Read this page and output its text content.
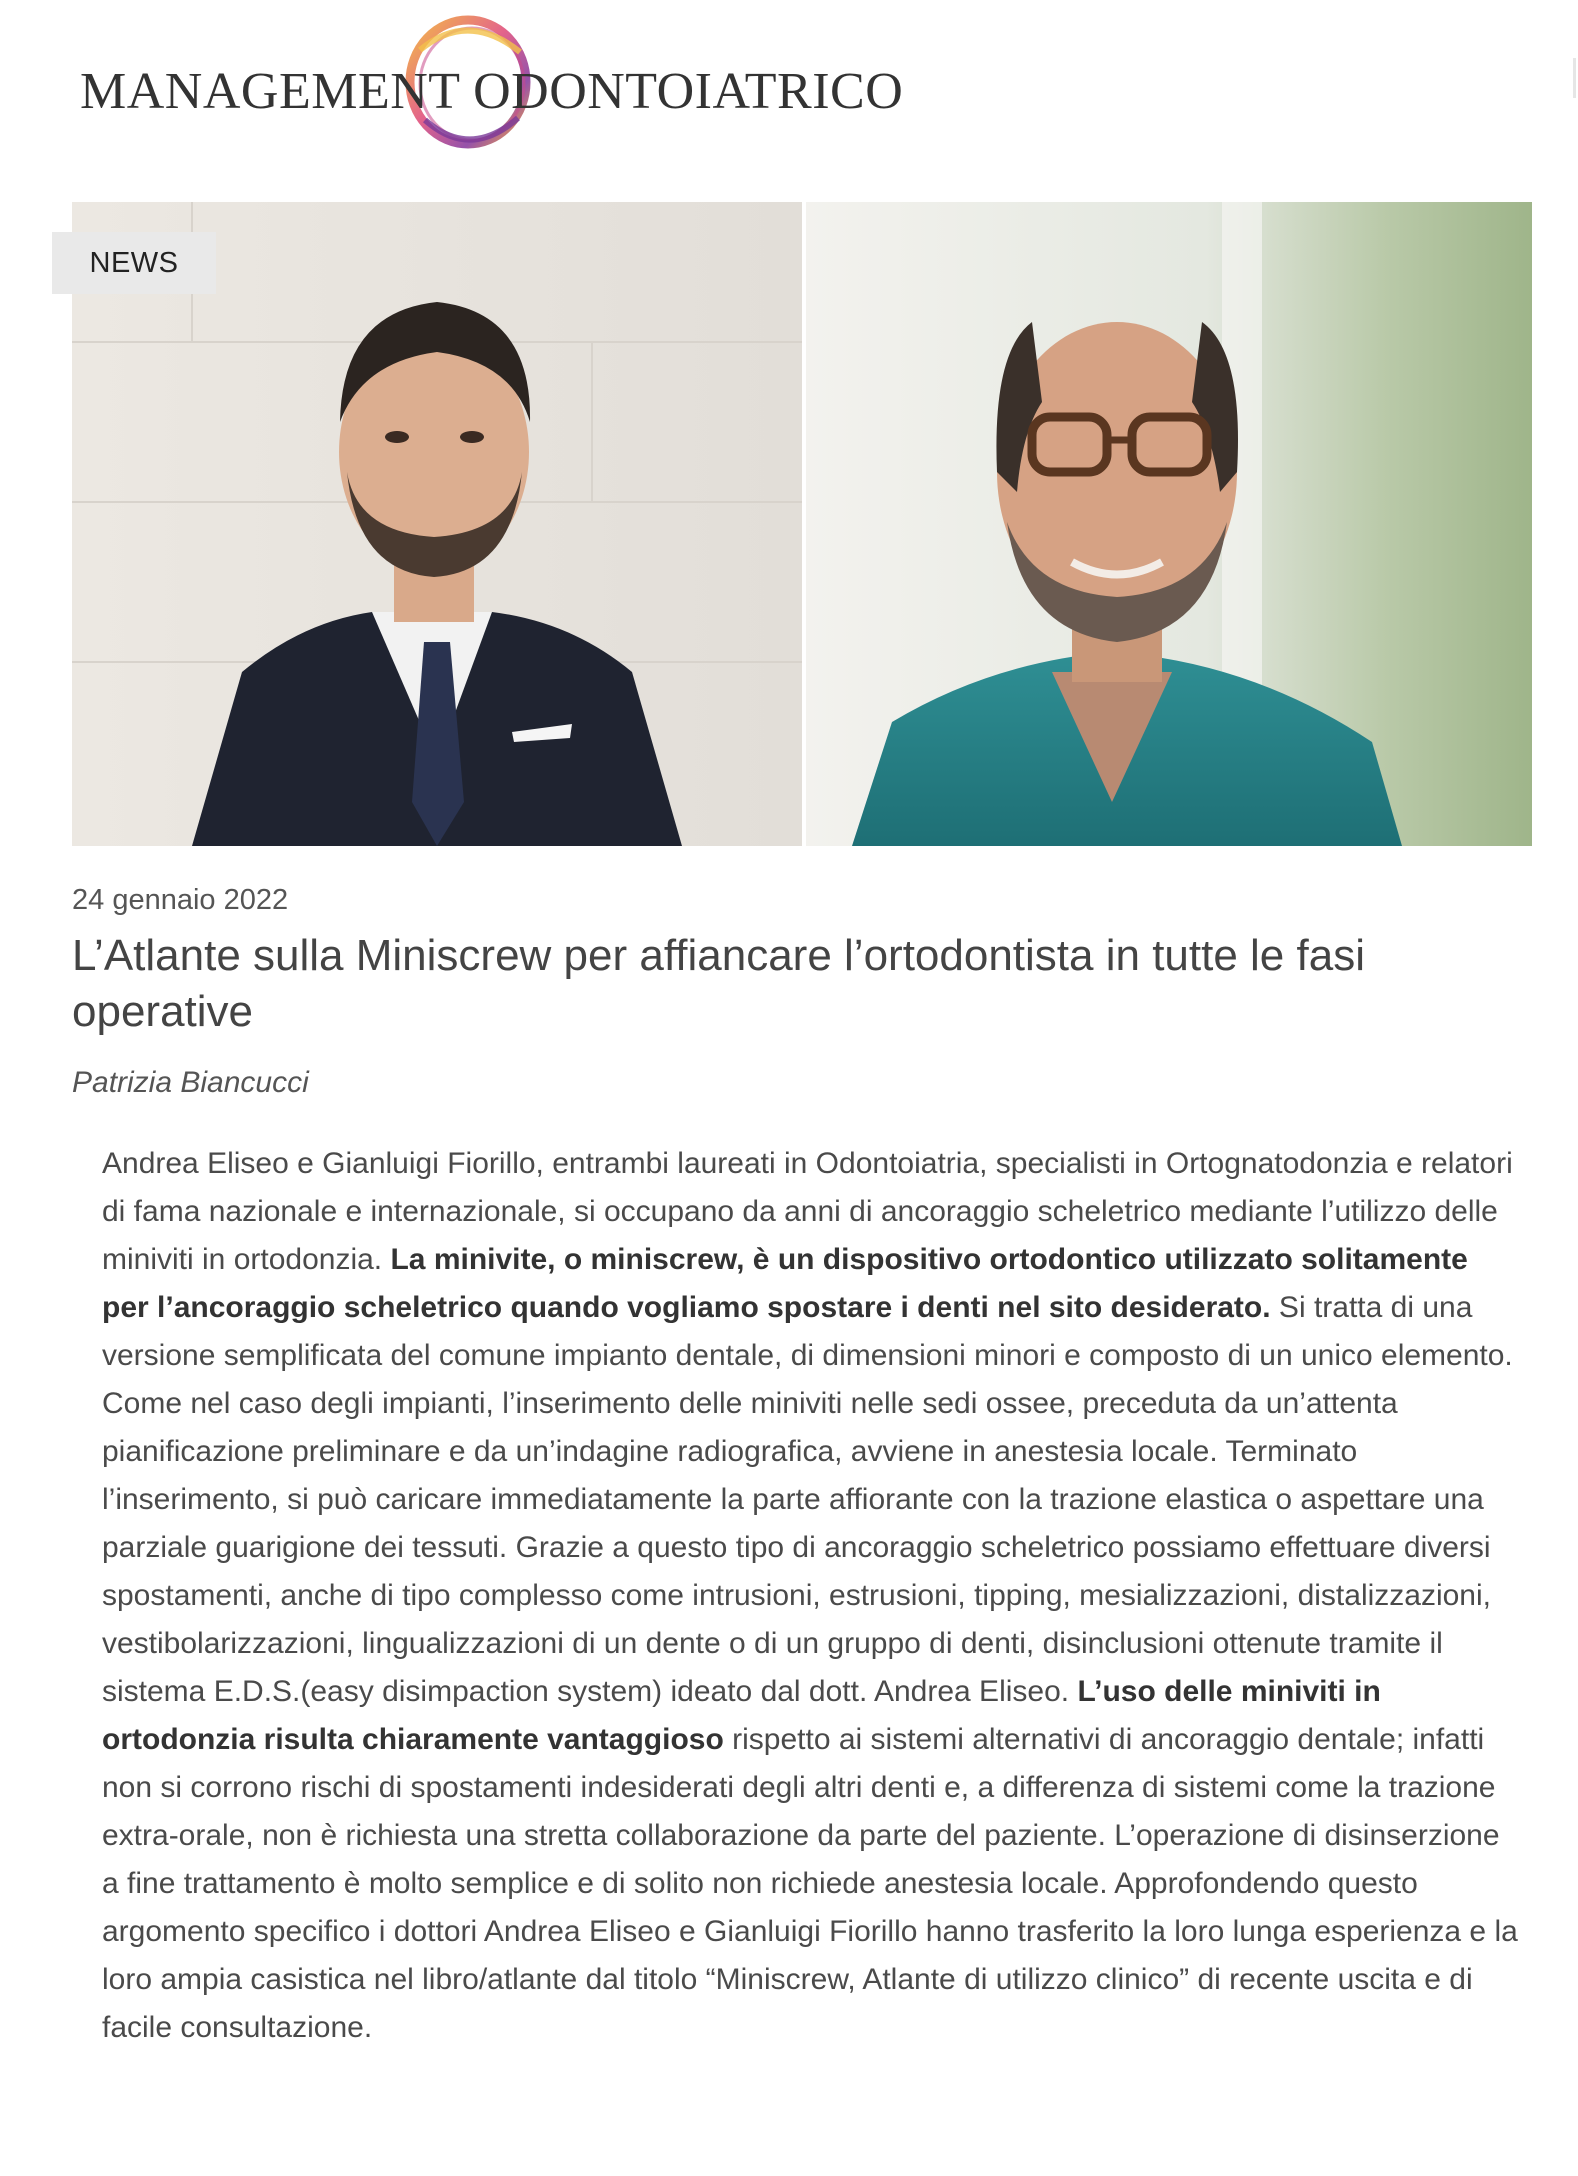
MANAGEMENT ODONTOIATRICO
NEWS
24 gennaio 2022
L’Atlante sulla Miniscrew per affiancare l’ortodontista in tutte le fasi operative
Patrizia Biancucci

Andrea Eliseo e Gianluigi Fiorillo, entrambi laureati in Odontoiatria, specialisti in Ortognatodonzia e relatori di fama nazionale e internazionale, si occupano da anni di ancoraggio scheletrico mediante l’utilizzo delle miniviti in ortodonzia. La minivite, o miniscrew, è un dispositivo ortodontico utilizzato solitamente per l’ancoraggio scheletrico quando vogliamo spostare i denti nel sito desiderato. Si tratta di una versione semplificata del comune impianto dentale, di dimensioni minori e composto di un unico elemento. Come nel caso degli impianti, l’inserimento delle miniviti nelle sedi ossee, preceduta da un’attenta pianificazione preliminare e da un’indagine radiografica, avviene in anestesia locale. Terminato l’inserimento, si può caricare immediatamente la parte affiorante con la trazione elastica o aspettare una parziale guarigione dei tessuti. Grazie a questo tipo di ancoraggio scheletrico possiamo effettuare diversi spostamenti, anche di tipo complesso come intrusioni, estrusioni, tipping, mesializzazioni, distalizzazioni, vestibolarizzazioni, lingualizzazioni di un dente o di un gruppo di denti, disinclusioni ottenute tramite il sistema E.D.S.(easy disimpaction system) ideato dal dott. Andrea Eliseo. L’uso delle miniviti in ortodonzia risulta chiaramente vantaggioso rispetto ai sistemi alternativi di ancoraggio dentale; infatti non si corrono rischi di spostamenti indesiderati degli altri denti e, a differenza di sistemi come la trazione extra-orale, non è richiesta una stretta collaborazione da parte del paziente. L’operazione di disinserzione a fine trattamento è molto semplice e di solito non richiede anestesia locale. Approfondendo questo argomento specifico i dottori Andrea Eliseo e Gianluigi Fiorillo hanno trasferito la loro lunga esperienza e la loro ampia casistica nel libro/atlante dal titolo “Miniscrew, Atlante di utilizzo clinico” di recente uscita e di facile consultazione.
